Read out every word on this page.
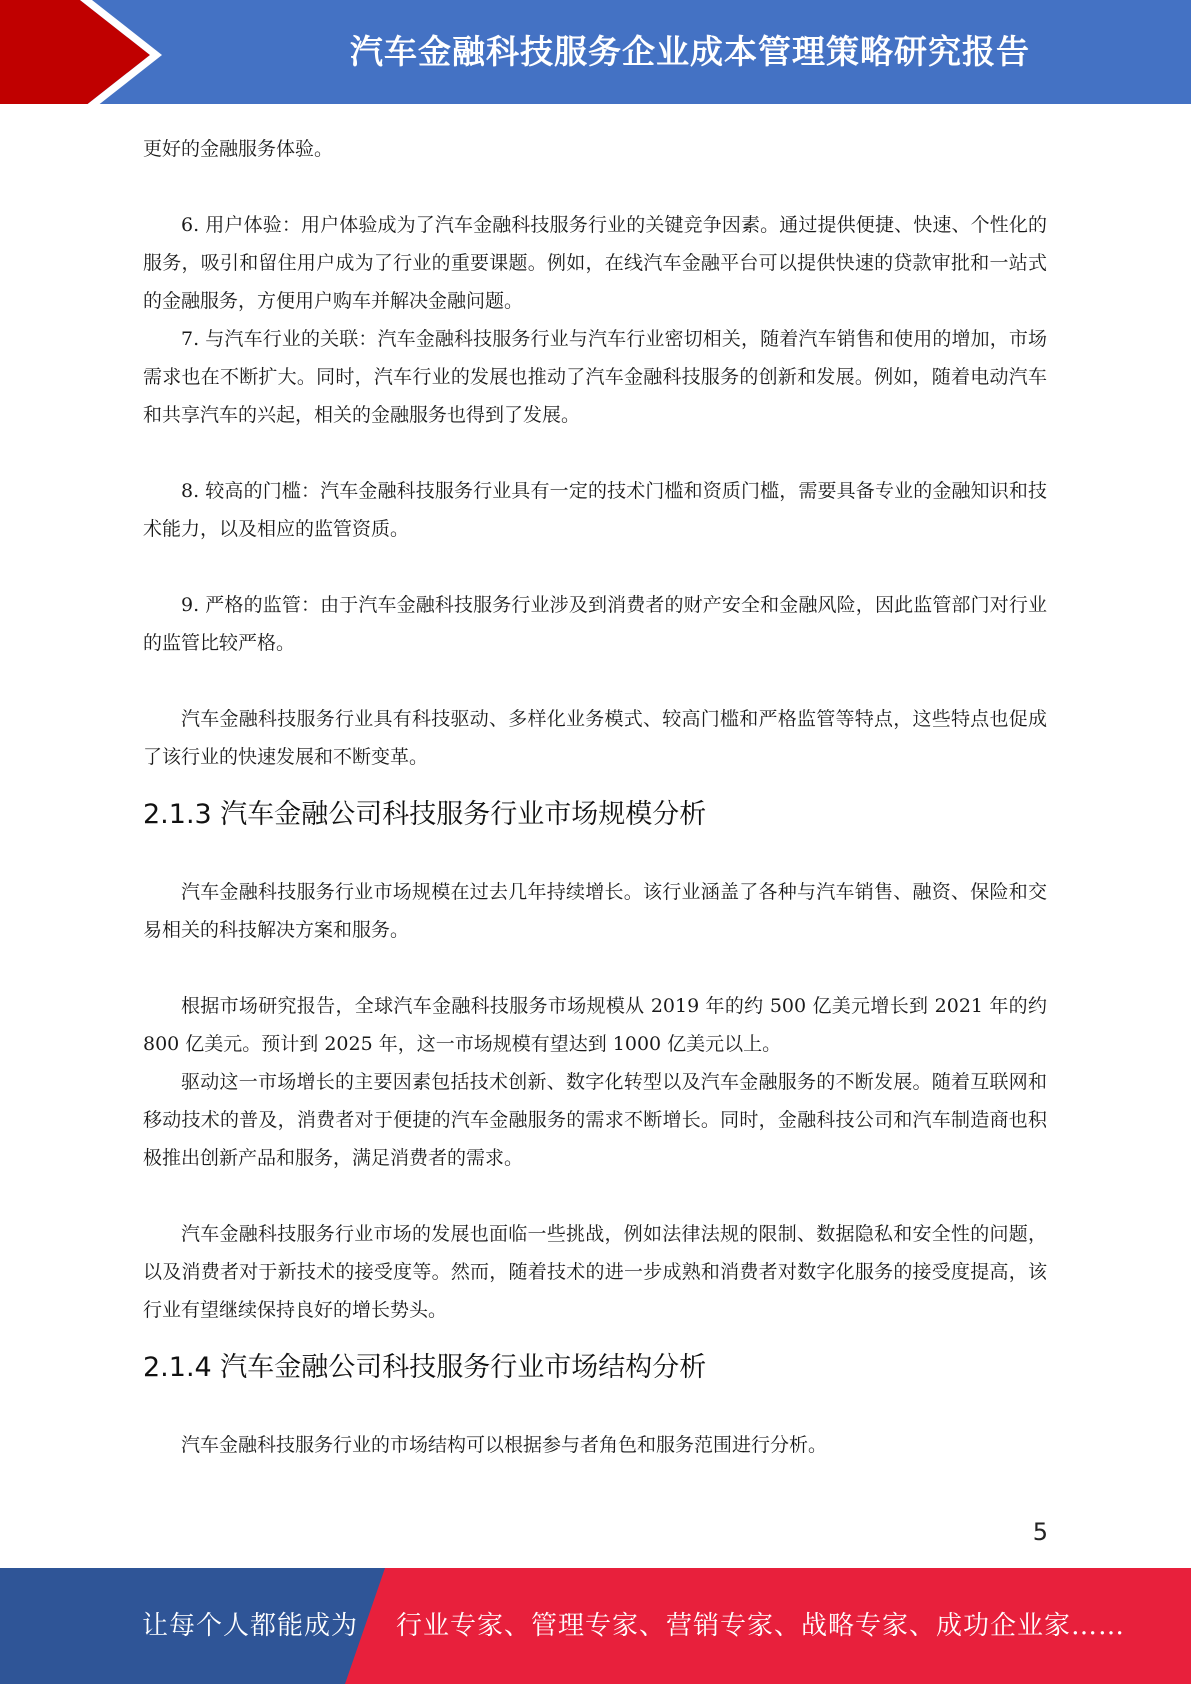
汽车金融科技服务企业成本管理策略研究报告

更好的金融服务体验。

6. 用户体验：用户体验成为了汽车金融科技服务行业的关键竞争因素。通过提供便捷、快速、个性化的服务，吸引和留住用户成为了行业的重要课题。例如，在线汽车金融平台可以提供快速的贷款审批和一站式的金融服务，方便用户购车并解决金融问题。

7. 与汽车行业的关联：汽车金融科技服务行业与汽车行业密切相关，随着汽车销售和使用的增加，市场需求也在不断扩大。同时，汽车行业的发展也推动了汽车金融科技服务的创新和发展。例如，随着电动汽车和共享汽车的兴起，相关的金融服务也得到了发展。

8. 较高的门槛：汽车金融科技服务行业具有一定的技术门槛和资质门槛，需要具备专业的金融知识和技术能力，以及相应的监管资质。

9. 严格的监管：由于汽车金融科技服务行业涉及到消费者的财产安全和金融风险，因此监管部门对行业的监管比较严格。

汽车金融科技服务行业具有科技驱动、多样化业务模式、较高门槛和严格监管等特点，这些特点也促成了该行业的快速发展和不断变革。

2.1.3 汽车金融公司科技服务行业市场规模分析

汽车金融科技服务行业市场规模在过去几年持续增长。该行业涵盖了各种与汽车销售、融资、保险和交易相关的科技解决方案和服务。

根据市场研究报告，全球汽车金融科技服务市场规模从 2019 年的约 500 亿美元增长到 2021 年的约 800 亿美元。预计到 2025 年，这一市场规模有望达到 1000 亿美元以上。

驱动这一市场增长的主要因素包括技术创新、数字化转型以及汽车金融服务的不断发展。随着互联网和移动技术的普及，消费者对于便捷的汽车金融服务的需求不断增长。同时，金融科技公司和汽车制造商也积极推出创新产品和服务，满足消费者的需求。

汽车金融科技服务行业市场的发展也面临一些挑战，例如法律法规的限制、数据隐私和安全性的问题，以及消费者对于新技术的接受度等。然而，随着技术的进一步成熟和消费者对数字化服务的接受度提高，该行业有望继续保持良好的增长势头。

2.1.4 汽车金融公司科技服务行业市场结构分析

汽车金融科技服务行业的市场结构可以根据参与者角色和服务范围进行分析。

5
让每个人都能成为 行业专家、管理专家、营销专家、战略专家、成功企业家……
